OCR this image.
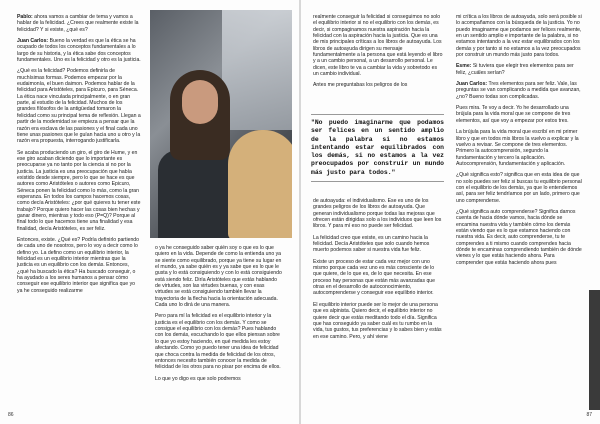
Pablo: ahora vamos a cambiar de tema y vamos a hablar de la felicidad. ¿Crees que realmente existe la felicidad? Y si existe, ¿qué es?

Juan Carlos: Bueno la verdad es que la ética se ha ocupado de todos los conceptos fundamentales a lo largo de su historia, y la ética sabe dos conceptos fundamentales. Uno es la felicidad y otro es la justicia.

¿Qué es la felicidad? Podemos definirla de muchísimas formas. Podemos empezar por la eudaimonía, el buen daimon. Podemos hablar de la felicidad para Aristóteles, para Epicuro, para Séneca. La ética nace vinculada principalmente, o en gran parte, al estudio de la felicidad. Muchos de los grandes filósofos de la antigüedad tomaron la felicidad como su principal tema de reflexión. Llegan a partir de la modernidad se empieza a pensar que la razón era esclava de las pasiones y el final cada uno tiene unas pasiones que le guían hacia uno u otro y la razón era propuesta, interrogando justificarla.

Se acaba produciendo un giro, el giro de Hume, y en ese giro acaban diciendo que lo importante es preocuparse ya no tanto por la ciencia si no por la justicia. La justicia es una preocupación que había existido desde siempre, pero lo que se hace es que autores como Aristóteles o autores como Epicuro, Séneca ponen la felicidad como lo más, como la gran esperanza. En todos los campos hacemos cosas, como decía Aristóteles: ¿por qué quieres tu tener este trabajo? Porque quiero hacer las cosas bien hechas y ganar dinero, mientras y todo eso (P=Q)? Porque al final todo lo que hacemos tiene una finalidad y esa finalidad, decía Aristóteles, es ser feliz.

Entonces, existe. ¿Qué es? Podría definirlo partiendo de cada uno de nosotros, pero lo voy a decir como lo defino yo. La defino como un equilibrio interior, la felicidad es un equilibrio interior mientras que la justicia es un equilibrio con los demás. Entonces, ¿qué ha buscado la ética? Ha buscado conseguir, o ha ayudado a los seres humanos a pensar cómo conseguir ese equilibrio interior que significa que yo ya he conseguido realizarme

o ya he conseguido saber quién soy o que es lo que quiero en la vida. Depende de como la entienda uno ya se siente como equilibrado, porque ya tiene su lugar en el mundo, ya sabe quién es y ya sabe que es lo que le gusta y lo está consiguiendo y con lo está consiguiendo está siendo feliz. Diría Aristóteles que estás hablando de virtudes, son las virtudes buenas, y con esas virtudes se está consiguiendo también llevar la trayectoria de la flecha hacia la orientación adecuada. Cada uno lo dirá de una manera.

Pero para mí la felicidad es el equilibrio interior y la justicia es el equilibrio con los demás. Y como se consigue el equilibrio con los demás? Pues hablando con los demás, escuchando lo que ellos piensan sobre lo que yo estoy haciendo, en qué medida les estoy afectando. Como yo puedo tener una idea de felicidad que choca contra la medida de felicidad de los otros, entonces necesito también conocer la medida de felicidad de los otros para no pisar por encima de ellos.

Lo que yo digo es que solo podremos

86

realmente conseguir la felicidad si conseguimos no solo el equilibrio interior si no el equilibrio con los demás, es decir, si compaginamos nuestra aspiración hacia la felicidad con la aspiración hacia la justicia. Que es una de mis principales críticas a los libros de autoayuda. Los libros de autoayuda dirigen su mensaje fundamentalmente a la persona que está leyendo el libro y a un cambio personal, a un desarrollo personal. Le dicen, este libro te va a cambiar la vida y sobretodo es un cambio individual.

Antes me preguntabas los peligros de los

"No puedo imaginarme que podamos ser felices en un sentido amplio de la palabra si no estamos intentando estar equilibrados con los demás, si no estamos a la vez preocupados por construir un mundo más justo para todos."

de autoayuda: el individualismo. Ese es uno de los grandes peligros de los libros de autoayuda. Que generan individualismo porque todas las mejoras que ofrecen están dirigidas solo a los individuos que leen los libros. Y para mí eso no puede ser felicidad.

La felicidad creo que existe, es un camino hacia la felicidad. Decía Aristóteles que solo cuando hemos muerto podemos saber si nuestra vida fue feliz.

Existe un proceso de estar cada vez mejor con uno mismo porque cada vez uno es más consciente de lo que quiere, de lo que es, de lo que necesita. En ese proceso hay personas que están más avanzadas que otras en el desarrollo de autoconocimiento, autocomprenderse y conseguir ese equilibrio interior.

El equilibrio interior puede ser lo mejor de una persona que es alpinista. Quiero decir, el equilibrio interior no quiere decir que estás meditando todo el día. Significa que has conseguido ya saber cuál es tu rumbo en la vida, tus gustos, tus preferencias y lo sabes bien y estás en ese camino. Pero, y ahí viene

mi crítica a los libros de autoayuda, solo será posible si lo acompañamos con la búsqueda de la justicia. Yo no puedo imaginarme que podamos ser felices realmente, en un sentido amplio e importante de la palabra, si no estamos intentando a la vez estar equilibrados con los demás y por tanto si no estamos a la vez preocupados por construir un mundo más justo para todos.

Esme: Si tuviera que elegir tres elementos para ser feliz, ¿cuáles serían?

Juan Carlos: Tres elementos para ser feliz. Vale, las preguntas se van complicando a medida que avanzan, ¿no? Bueno todas son complicadas.

Pues mira. Te voy a decir. Yo he desarrollado una brújula para la vida moral que se compone de tres elementos, así que voy a empezar por estos tres.

La brújula para la vida moral que escribí en mi primer libro y que en todos mis libros la vuelvo a explicar y la vuelvo a revisar. Se compone de tres elementos. Primero la autocomprensión, segundo la fundamentación y tercero la aplicación. Autocomprensión, fundamentación y aplicación.

¿Qué significa esto? significa que en esta idea de que no solo puedes ser feliz si buscas tu equilibrio personal con el equilibrio de los demás, ya que lo entendemos así, para ser feliz tendríamos por un lado, primero que uno comprenderse.

¿Qué significa auto comprenderse? Significa darnos cuenta de hacia dónde vamos, hacia dónde se encamina nuestra vida y también cómo los demás están viendo que es lo que estamos haciendo con nuestra vida. Es decir, auto comprenderse, tu te comprendes a ti mismo cuando comprendes hacia dónde te encaminas comprendiendo también de dónde vienes y lo que estás haciendo ahora. Para comprender que estás haciendo ahora pues

87
